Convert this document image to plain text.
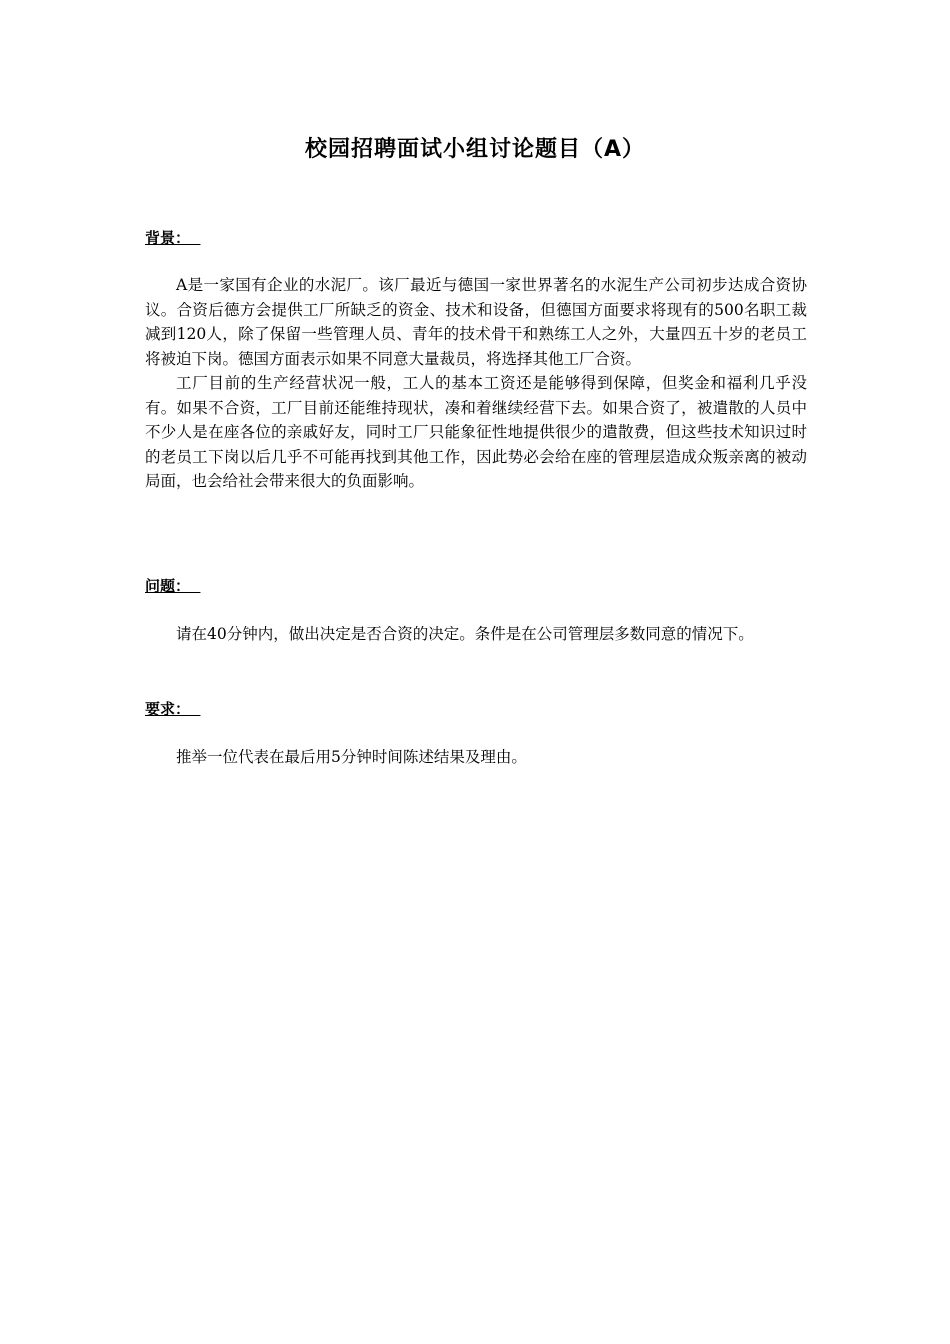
校园招聘面试小组讨论题目（A）
背景：

A是一家国有企业的水泥厂。该厂最近与德国一家世界著名的水泥生产公司初步达成合资协议。合资后德方会提供工厂所缺乏的资金、技术和设备，但德国方面要求将现有的500名职工裁减到120人，除了保留一些管理人员、青年的技术骨干和熟练工人之外，大量四五十岁的老员工将被迫下岗。德国方面表示如果不同意大量裁员，将选择其他工厂合资。

工厂目前的生产经营状况一般，工人的基本工资还是能够得到保障，但奖金和福利几乎没有。如果不合资，工厂目前还能维持现状，凑和着继续经营下去。如果合资了，被遣散的人员中不少人是在座各位的亲戚好友，同时工厂只能象征性地提供很少的遣散费，但这些技术知识过时的老员工下岗以后几乎不可能再找到其他工作，因此势必会给在座的管理层造成众叛亲离的被动局面，也会给社会带来很大的负面影响。

问题：

请在40分钟内，做出决定是否合资的决定。条件是在公司管理层多数同意的情况下。

要求：

推举一位代表在最后用5分钟时间陈述结果及理由。
